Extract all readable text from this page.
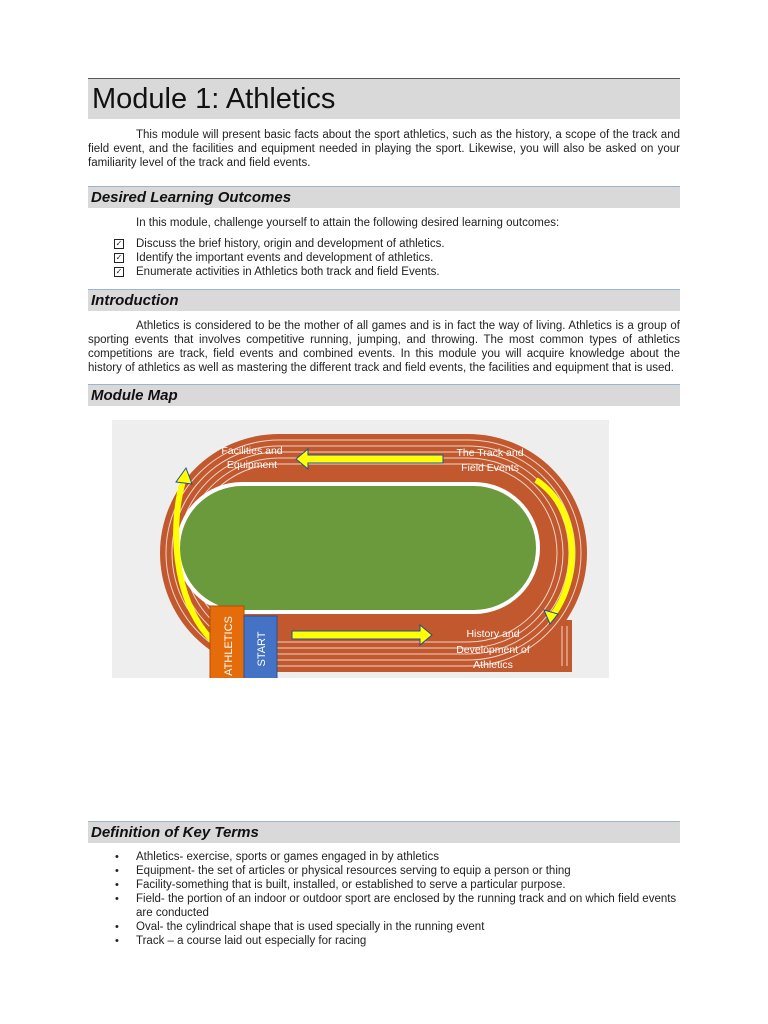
Module 1: Athletics

This module will present basic facts about the sport athletics, such as the history, a scope of the track and field event, and the facilities and equipment needed in playing the sport. Likewise, you will also be asked on your familiarity level of the track and field events.

Desired Learning Outcomes
In this module, challenge yourself to attain the following desired learning outcomes:
✓ Discuss the brief history, origin and development of athletics.
✓ Identify the important events and development of athletics.
✓ Enumerate activities in Athletics both track and field Events.
Introduction

Athletics is considered to be the mother of all games and is in fact the way of living. Athletics is a group of sporting events that involves competitive running, jumping, and throwing. The most common types of athletics competitions are track, field events and combined events. In this module you will acquire knowledge about the history of athletics as well as mastering the different track and field events, the facilities and equipment that is used.

Module Map
Facilities and
Equipment
The Track and
Field Events
History and
Development of
Athletics
ATHLETICS START
Definition of Key Terms
• Athletics- exercise, sports or games engaged in by athletics
• Equipment- the set of articles or physical resources serving to equip a person or thing
• Facility-something that is built, installed, or established to serve a particular purpose.
• Field- the portion of an indoor or outdoor sport are enclosed by the running track and on which field events are conducted
• Oval- the cylindrical shape that is used specially in the running event
• Track – a course laid out especially for racing
